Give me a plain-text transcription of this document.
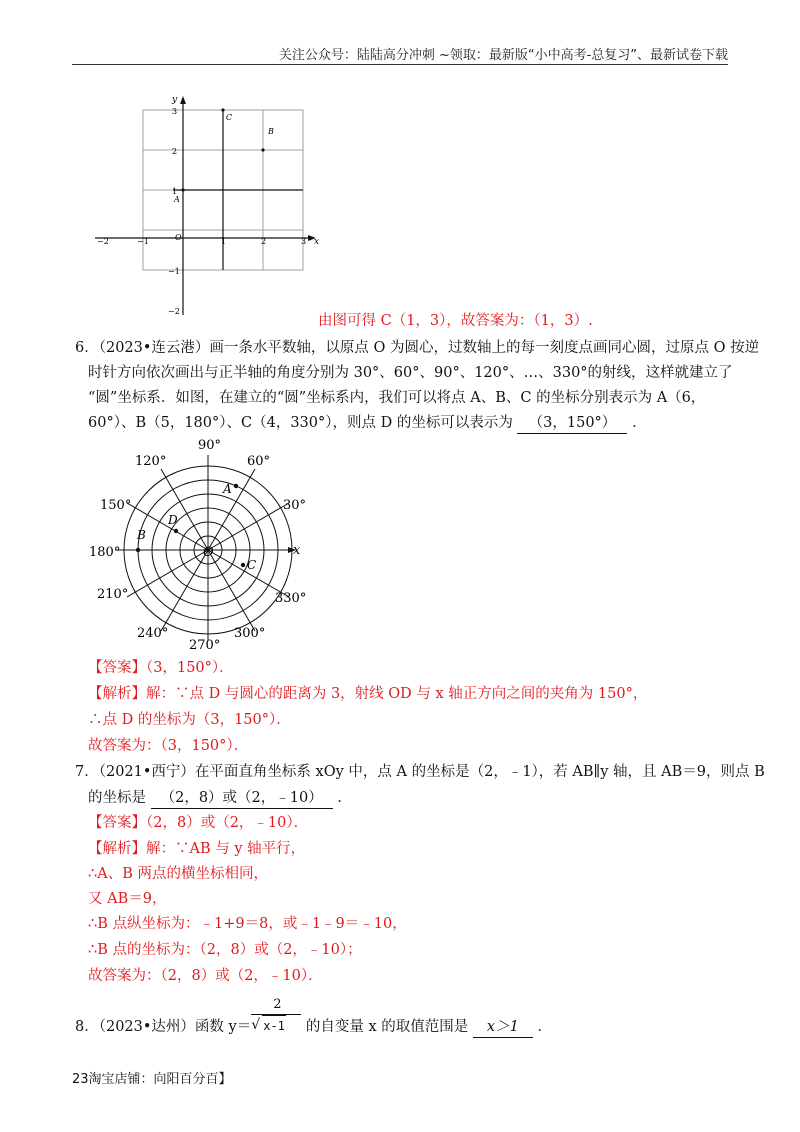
关注公众号：陆陆高分冲刺 ~领取：最新版“小中高考-总复习”、最新试卷下载
y
x
O
−2	−1	1	2	3
3
2
1
−1
−2
A
B
C
由图可得 C（1，3），故答案为：（1，3）.
6．（2023•连云港）画一条水平数轴，以原点 O 为圆心，过数轴上的每一刻度点画同心圆，过原点 O 按逆
时针方向依次画出与正半轴的角度分别为 30°、60°、90°、120°、…、330°的射线，这样就建立了
“圆”坐标系．如图，在建立的“圆”坐标系内，我们可以将点 A、B、C 的坐标分别表示为 A（6，
60°）、B（5，180°）、C（4，330°），则点 D 的坐标可以表示为 （3，150°） ．
90°
60°
30°
120°
150°
180°
210°
240°
270°
300°
330°
x
O
A
B
C
D
【答案】（3，150°）．
【解析】解：∵点 D 与圆心的距离为 3，射线 OD 与 x 轴正方向之间的夹角为 150°，
∴点 D 的坐标为（3，150°）．
故答案为：（3，150°）．
7．（2021•西宁）在平面直角坐标系 xOy 中，点 A 的坐标是（2，﹣1），若 AB∥y 轴，且 AB＝9，则点 B
的坐标是 （2，8）或（2，﹣10） ．
【答案】（2，8）或（2，﹣10）．
【解析】解：∵AB 与 y 轴平行，
∴A、B 两点的横坐标相同，
又 AB＝9，
∴B 点纵坐标为：﹣1+9＝8，或﹣1﹣9＝﹣10，
∴B 点的坐标为：（2，8）或（2，﹣10）；
故答案为：（2，8）或（2，﹣10）．
8．（2023•达州）函数 y＝
2
√ x-1 的自变量 x 的取值范围是 x＞1 ．
23淘宝店铺：向阳百分百】
